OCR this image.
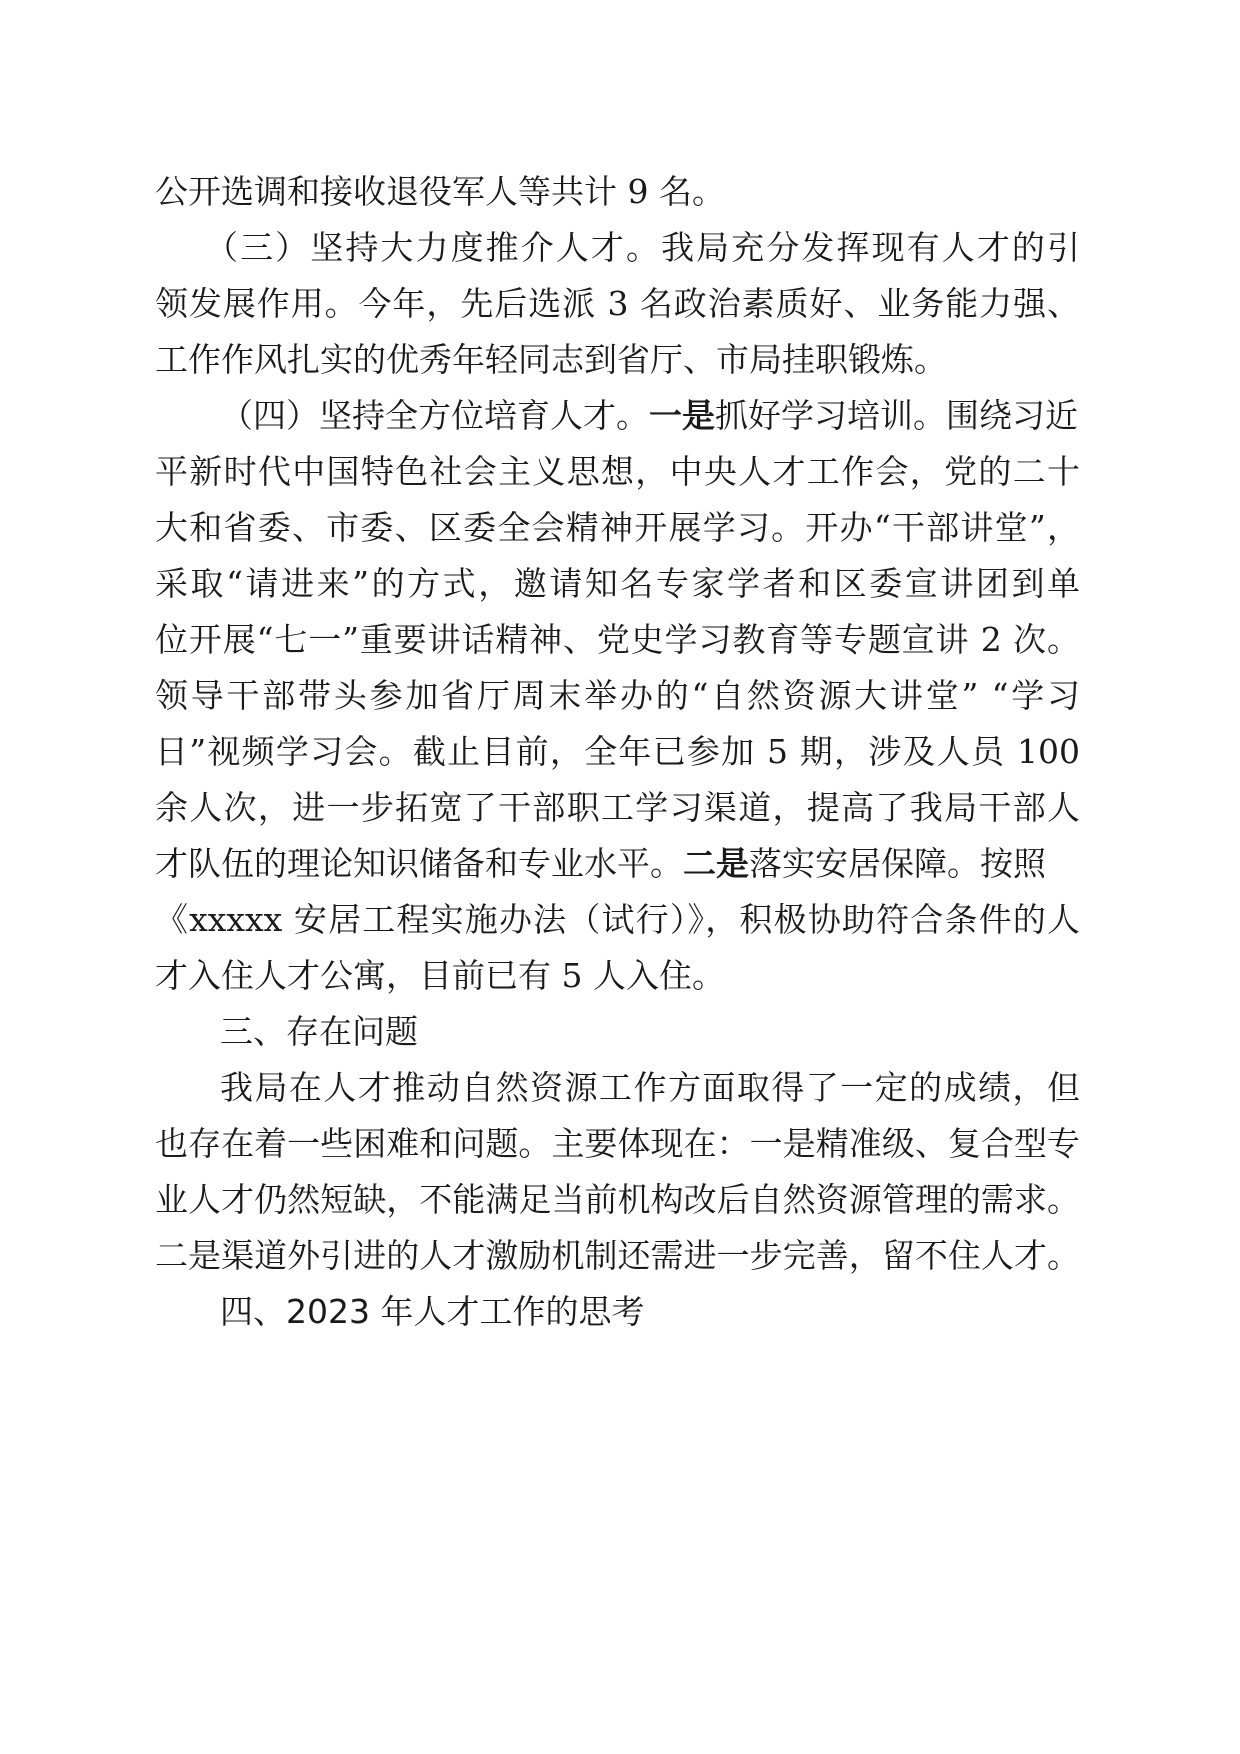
公开选调和接收退役军人等共计 9 名。
（三）坚持大力度推介人才。我局充分发挥现有人才的引
领发展作用。今年，先后选派 3 名政治素质好、业务能力强、
工作作风扎实的优秀年轻同志到省厅、市局挂职锻炼。
（四）坚持全方位培育人才。一是抓好学习培训。围绕习近
平新时代中国特色社会主义思想，中央人才工作会，党的二十
大和省委、市委、区委全会精神开展学习。开办“干部讲堂”，
采取“请进来”的方式，邀请知名专家学者和区委宣讲团到单
位开展“七一”重要讲话精神、党史学习教育等专题宣讲 2 次。
领导干部带头参加省厅周末举办的“自然资源大讲堂” “学习
日”视频学习会。截止目前，全年已参加 5 期，涉及人员 100
余人次，进一步拓宽了干部职工学习渠道，提高了我局干部人
才队伍的理论知识储备和专业水平。二是落实安居保障。按照
《xxxxx 安居工程实施办法（试行）》，积极协助符合条件的人
才入住人才公寓，目前已有 5 人入住。
三、存在问题
我局在人才推动自然资源工作方面取得了一定的成绩，但
也存在着一些困难和问题。主要体现在：一是精准级、复合型专
业人才仍然短缺，不能满足当前机构改后自然资源管理的需求。
二是渠道外引进的人才激励机制还需进一步完善，留不住人才。
四、2023 年人才工作的思考
